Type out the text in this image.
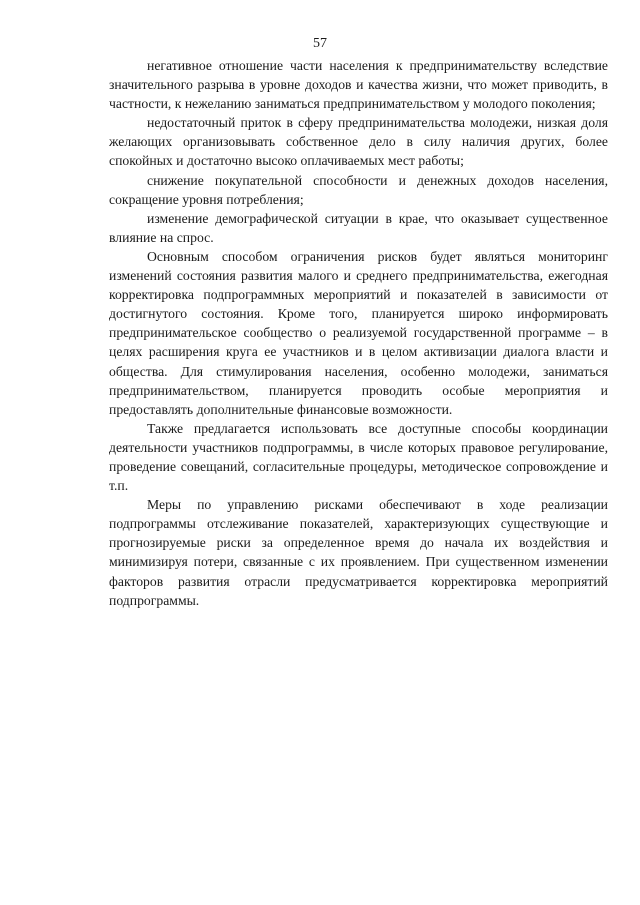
57

негативное отношение части населения к предпринимательству вследствие значительного разрыва в уровне доходов и качества жизни, что может приводить, в частности, к нежеланию заниматься предпринимательством у молодого поколения;

недостаточный приток в сферу предпринимательства молодежи, низкая доля желающих организовывать собственное дело в силу наличия других, более спокойных и достаточно высоко оплачиваемых мест работы;

снижение покупательной способности и денежных доходов населения, сокращение уровня потребления;

изменение демографической ситуации в крае, что оказывает существенное влияние на спрос.

Основным способом ограничения рисков будет являться мониторинг изменений состояния развития малого и среднего предпринимательства, ежегодная корректировка подпрограммных мероприятий и показателей в зависимости от достигнутого состояния. Кроме того, планируется широко информировать предпринимательское сообщество о реализуемой государственной программе – в целях расширения круга ее участников и в целом активизации диалога власти и общества. Для стимулирования населения, особенно молодежи, заниматься предпринимательством, планируется проводить особые мероприятия и предоставлять дополнительные финансовые возможности.

Также предлагается использовать все доступные способы координации деятельности участников подпрограммы, в числе которых правовое регулирование, проведение совещаний, согласительные процедуры, методическое сопровождение и т.п.

Меры по управлению рисками обеспечивают в ходе реализации подпрограммы отслеживание показателей, характеризующих существующие и прогнозируемые риски за определенное время до начала их воздействия и минимизируя потери, связанные с их проявлением. При существенном изменении факторов развития отрасли предусматривается корректировка мероприятий подпрограммы.
